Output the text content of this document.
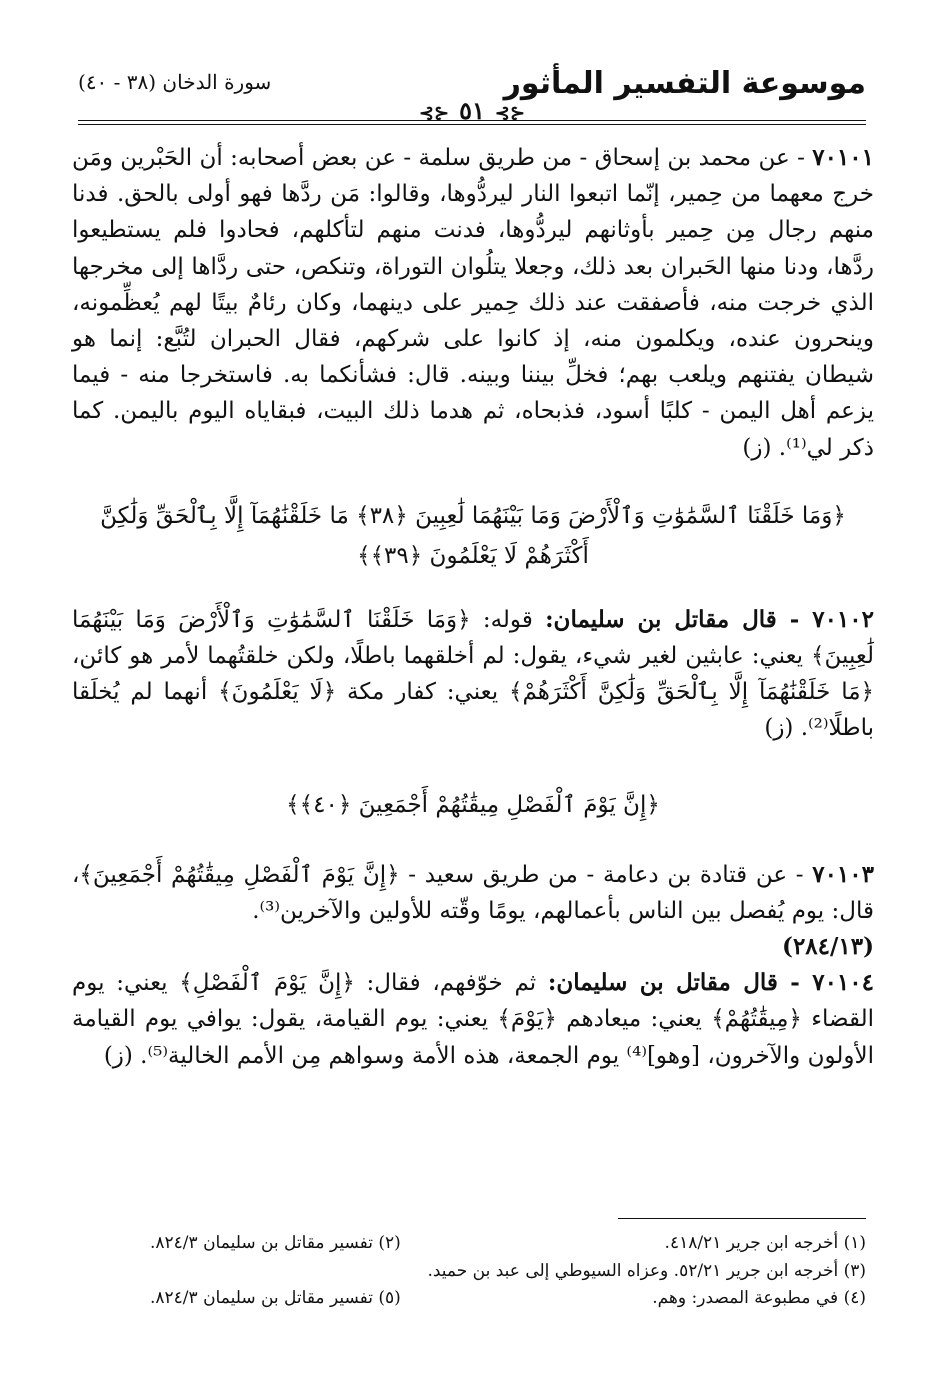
موسوعة التفسير المأثور
⊰⊱٥١⊰⊱
سورة الدخان (٣٨ - ٤٠)

٧٠١٠١ - عن محمد بن إسحاق - من طريق سلمة - عن بعض أصحابه: أن الحَبْرين ومَن خرج معهما من حِمير، إنّما اتبعوا النار ليردُّوها، وقالوا: مَن ردَّها فهو أولى بالحق. فدنا منهم رجال مِن حِمير بأوثانهم ليردُّوها، فدنت منهم لتأكلهم، فحادوا فلم يستطيعوا ردَّها، ودنا منها الحَبران بعد ذلك، وجعلا يتلُوان التوراة، وتنكص، حتى ردَّاها إلى مخرجها الذي خرجت منه، فأصفقت عند ذلك حِمير على دينهما، وكان رئامٌ بيتًا لهم يُعظِّمونه، وينحرون عنده، ويكلمون منه، إذ كانوا على شركهم، فقال الحبران لتُبَّع: إنما هو شيطان يفتنهم ويلعب بهم؛ فخلِّ بيننا وبينه. قال: فشأنكما به. فاستخرجا منه - فيما يزعم أهل اليمن - كلبًا أسود، فذبحاه، ثم هدما ذلك البيت، فبقاياه اليوم باليمن. كما ذكر لي⁽¹⁾. (ز)

﴿وَمَا خَلَقْنَا ٱلسَّمَٰوَٰتِ وَٱلْأَرْضَ وَمَا بَيْنَهُمَا لَٰعِبِينَ ﴿٣٨﴾ مَا خَلَقْنَٰهُمَآ إِلَّا بِٱلْحَقِّ وَلَٰكِنَّ أَكْثَرَهُمْ لَا يَعْلَمُونَ ﴿٣٩﴾﴾

٧٠١٠٢ - قال مقاتل بن سليمان: قوله: ﴿وَمَا خَلَقْنَا ٱلسَّمَٰوَٰتِ وَٱلْأَرْضَ وَمَا بَيْنَهُمَا لَٰعِبِينَ﴾ يعني: عابثين لغير شيء، يقول: لم أخلقهما باطلًا، ولكن خلقتُهما لأمر هو كائن، ﴿مَا خَلَقْنَٰهُمَآ إِلَّا بِٱلْحَقِّ وَلَٰكِنَّ أَكْثَرَهُمْ﴾ يعني: كفار مكة ﴿لَا يَعْلَمُونَ﴾ أنهما لم يُخلَقا باطلًا⁽²⁾. (ز)

﴿إِنَّ يَوْمَ ٱلْفَصْلِ مِيقَٰتُهُمْ أَجْمَعِينَ ﴿٤٠﴾﴾

٧٠١٠٣ - عن قتادة بن دعامة - من طريق سعيد - ﴿إِنَّ يَوْمَ ٱلْفَصْلِ مِيقَٰتُهُمْ أَجْمَعِينَ﴾، قال: يوم يُفصل بين الناس بأعمالهم، يومًا وقّته للأولين والآخرين⁽³⁾.

(٢٨٤/١٣)

٧٠١٠٤ - قال مقاتل بن سليمان: ثم خوّفهم، فقال: ﴿إِنَّ يَوْمَ ٱلْفَصْلِ﴾ يعني: يوم القضاء ﴿مِيقَٰتُهُمْ﴾ يعني: ميعادهم ﴿يَوْمَ﴾ يعني: يوم القيامة، يقول: يوافي يوم القيامة الأولون والآخرون، [وهو]⁽⁴⁾ يوم الجمعة، هذه الأمة وسواهم مِن الأمم الخالية⁽⁵⁾. (ز)

(١) أخرجه ابن جرير ٤١٨/٢١.
(٢) تفسير مقاتل بن سليمان ٨٢٤/٣.
(٣) أخرجه ابن جرير ٥٢/٢١. وعزاه السيوطي إلى عبد بن حميد.
(٤) في مطبوعة المصدر: وهم.
(٥) تفسير مقاتل بن سليمان ٨٢٤/٣.
